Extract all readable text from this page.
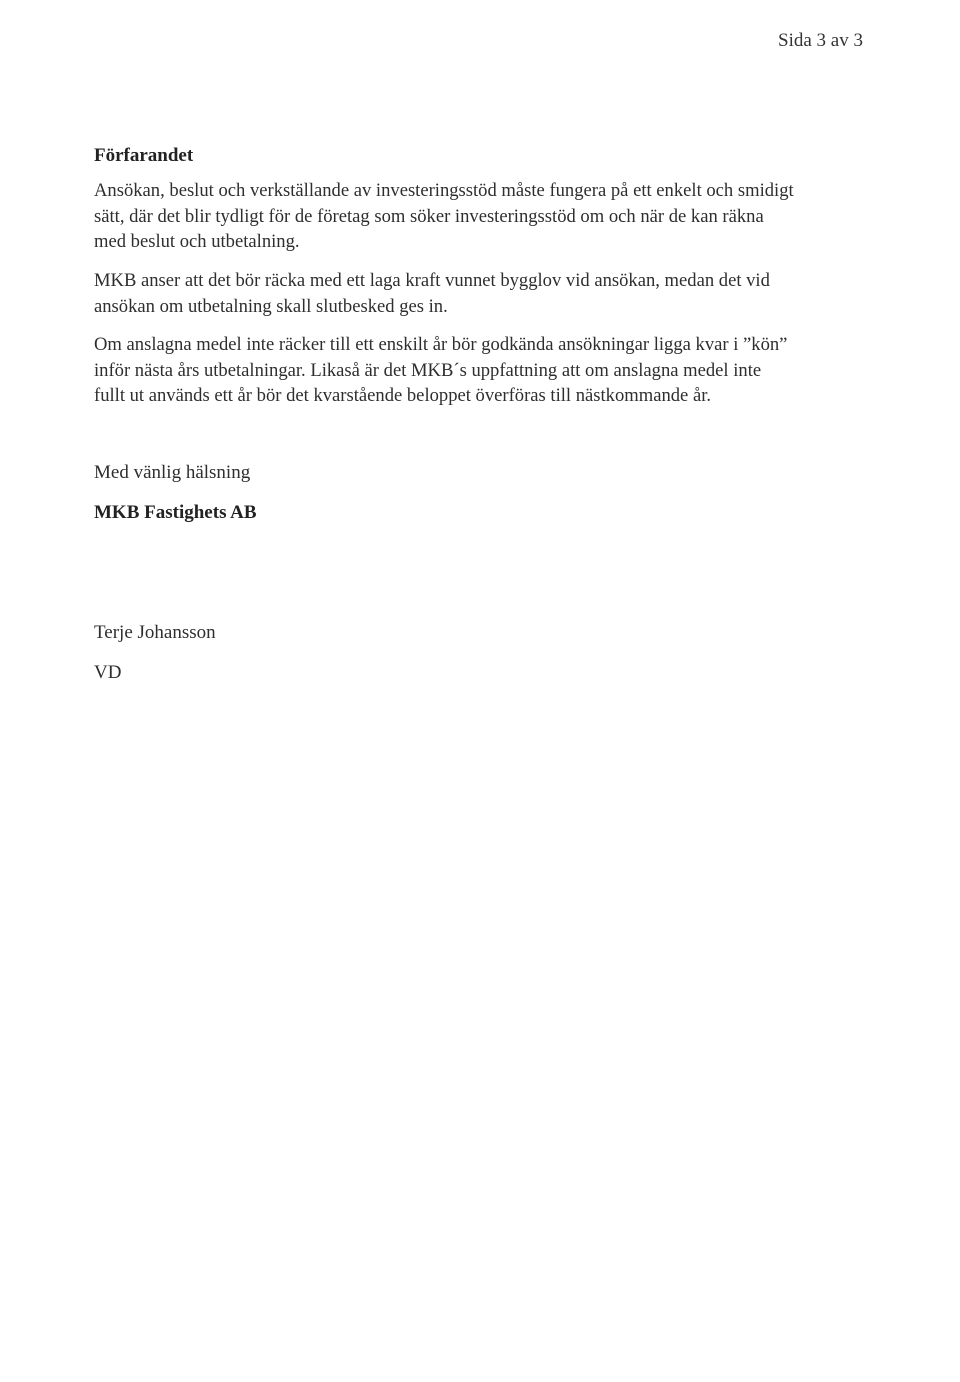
Sida 3 av 3
Förfarandet

Ansökan, beslut och verkställande av investeringsstöd måste fungera på ett enkelt och smidigt
sätt, där det blir tydligt för de företag som söker investeringsstöd om och när de kan räkna
med beslut och utbetalning.

MKB anser att det bör räcka med ett laga kraft vunnet bygglov vid ansökan, medan det vid
ansökan om utbetalning skall slutbesked ges in.

Om anslagna medel inte räcker till ett enskilt år bör godkända ansökningar ligga kvar i ”kön”
inför nästa års utbetalningar. Likaså är det MKB´s uppfattning att om anslagna medel inte
fullt ut används ett år bör det kvarstående beloppet överföras till nästkommande år.

Med vänlig hälsning
MKB Fastighets AB
Terje Johansson
VD
